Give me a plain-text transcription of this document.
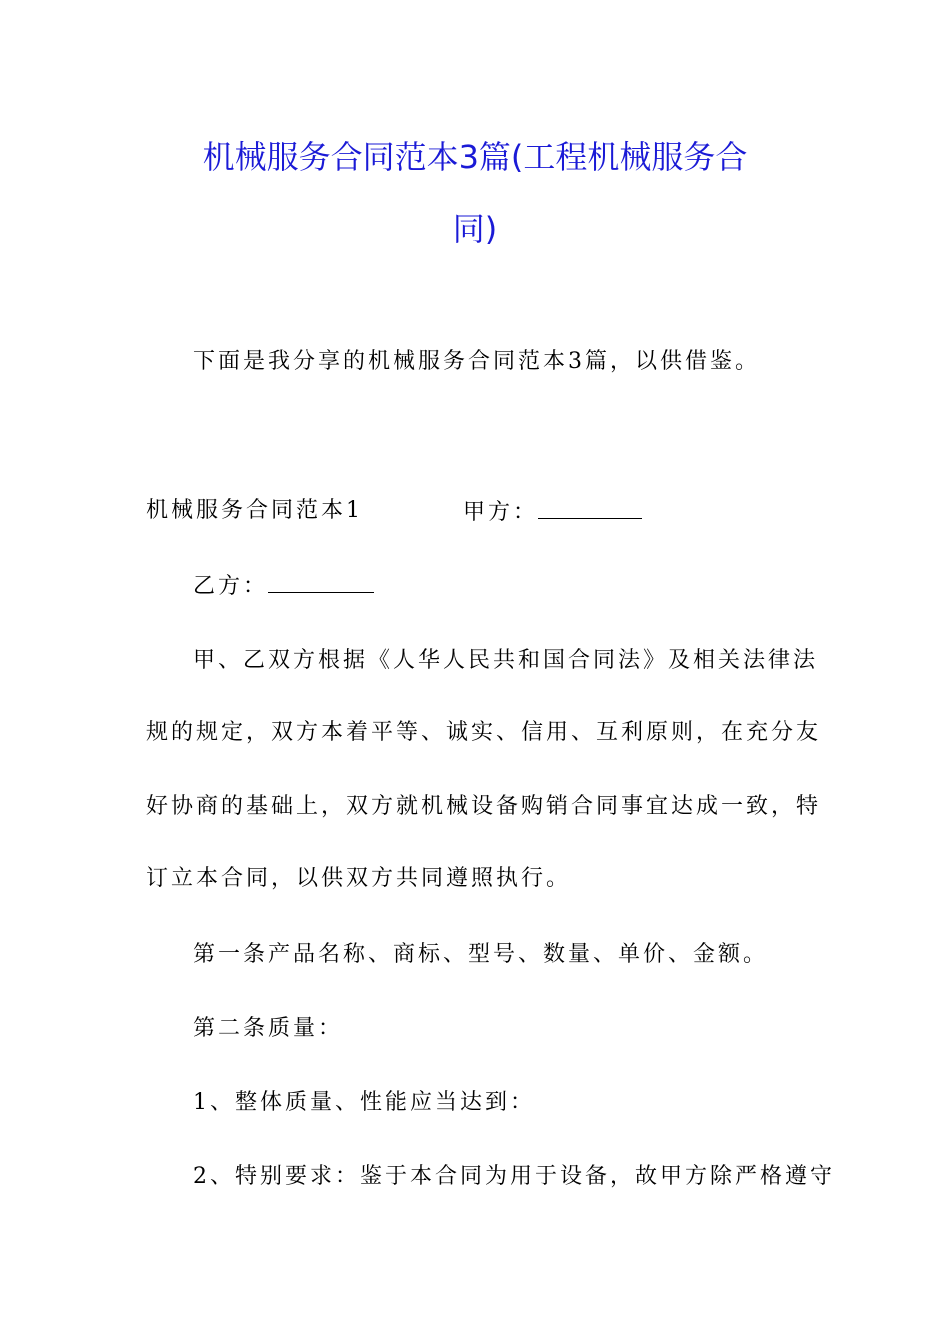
机械服务合同范本3篇(工程机械服务合
同)
下面是我分享的机械服务合同范本3篇，以供借鉴。
机械服务合同范本1	甲方：
乙方：
甲、乙双方根据《人华人民共和国合同法》及相关法律法
规的规定，双方本着平等、诚实、信用、互利原则，在充分友
好协商的基础上，双方就机械设备购销合同事宜达成一致，特
订立本合同，以供双方共同遵照执行。
第一条产品名称、商标、型号、数量、单价、金额。
第二条质量：
1、整体质量、性能应当达到：
2、特别要求：鉴于本合同为用于设备，故甲方除严格遵守
